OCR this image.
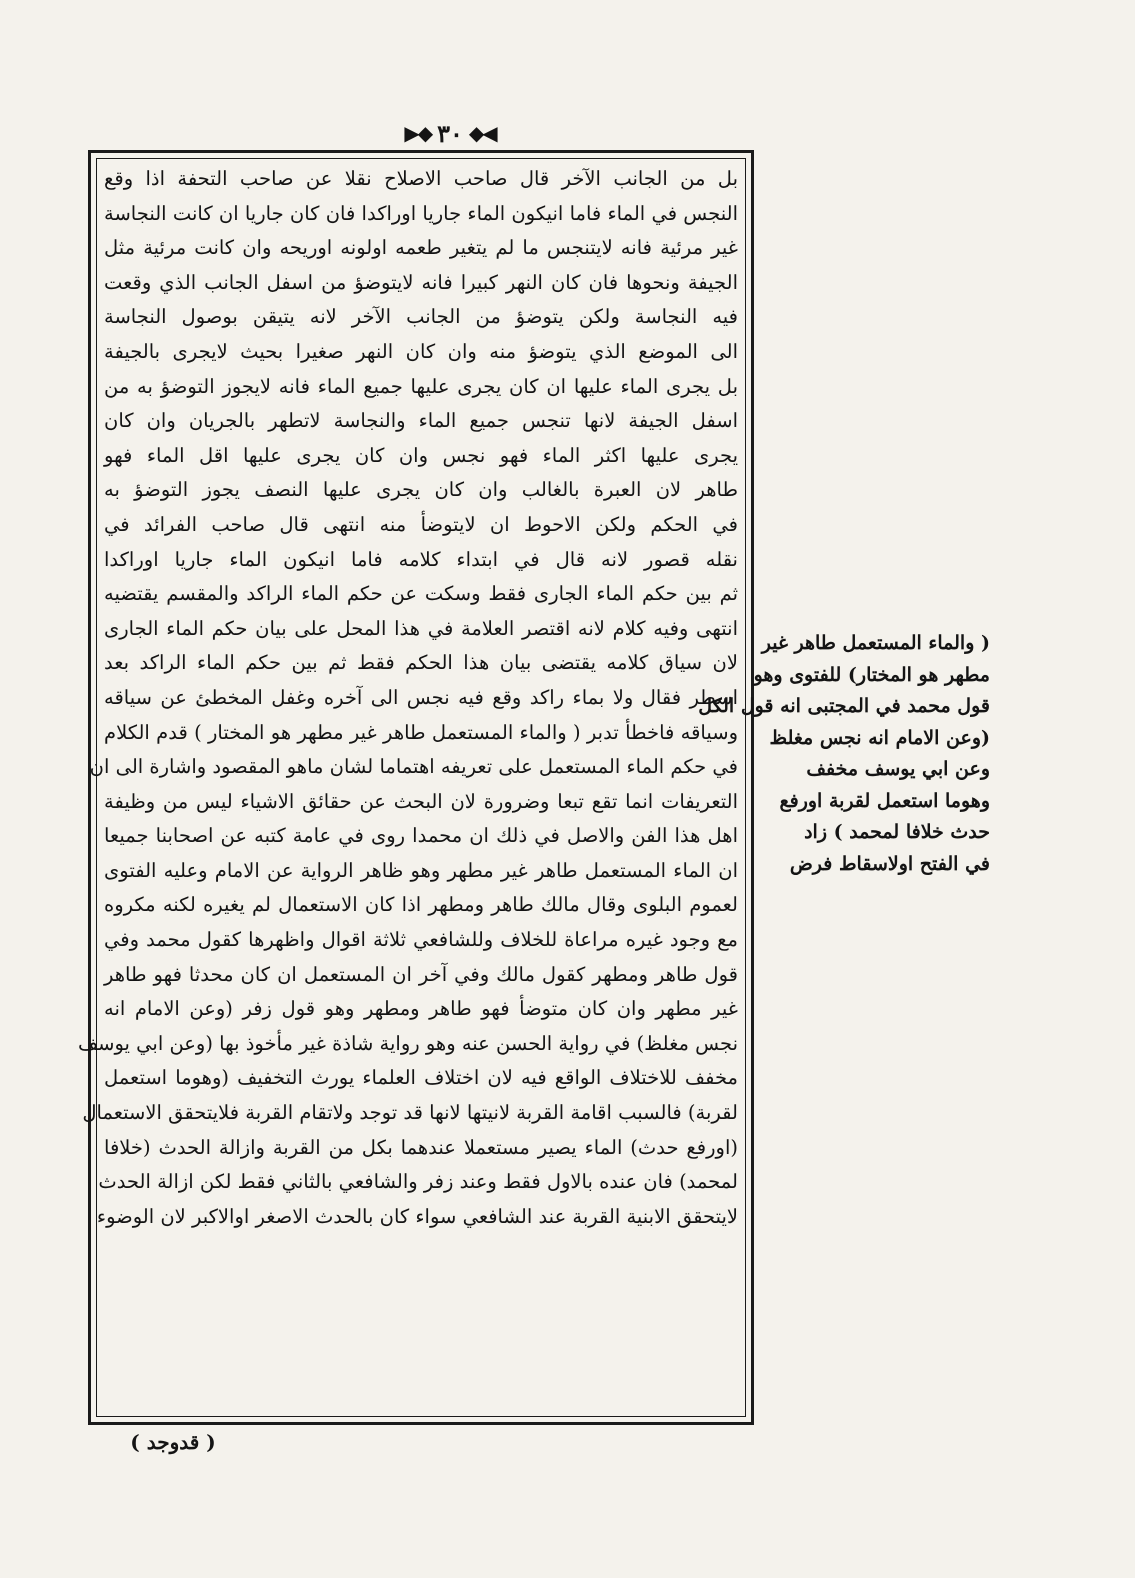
◀◆
٣٠
◆▶
بل من الجانب الآخر قال صاحب الاصلاح نقلا عن صاحب التحفة اذا وقع
النجس في الماء فاما انيكون الماء جاريا اوراكدا فان كان جاريا ان كانت النجاسة
غير مرئية فانه لايتنجس ما لم يتغير طعمه اولونه اوريحه وان كانت مرئية مثل
الجيفة ونحوها فان كان النهر كبيرا فانه لايتوضؤ من اسفل الجانب الذي وقعت
فيه النجاسة ولكن يتوضؤ من الجانب الآخر لانه يتيقن بوصول النجاسة
الى الموضع الذي يتوضؤ منه وان كان النهر صغيرا بحيث لايجرى بالجيفة
بل يجرى الماء عليها ان كان يجرى عليها جميع الماء فانه لايجوز التوضؤ به من
اسفل الجيفة لانها تنجس جميع الماء والنجاسة لاتطهر بالجريان وان كان
يجرى عليها اكثر الماء فهو نجس وان كان يجرى عليها اقل الماء فهو
طاهر لان العبرة بالغالب وان كان يجرى عليها النصف يجوز التوضؤ به
في الحكم ولكن الاحوط ان لايتوضأ منه انتهى قال صاحب الفرائد في
نقله قصور لانه قال في ابتداء كلامه فاما انيكون الماء جاريا اوراكدا
ثم بين حكم الماء الجارى فقط وسكت عن حكم الماء الراكد والمقسم يقتضيه
انتهى وفيه كلام لانه اقتصر العلامة في هذا المحل على بيان حكم الماء الجارى
لان سياق كلامه يقتضى بيان هذا الحكم فقط ثم بين حكم الماء الراكد بعد
اسطر فقال ولا بماء راكد وقع فيه نجس الى آخره وغفل المخطئ عن سياقه
وسياقه فاخطأ تدبر ( والماء المستعمل طاهر غير مطهر هو المختار ) قدم الكلام
في حكم الماء المستعمل على تعريفه اهتماما لشان ماهو المقصود واشارة الى ان
التعريفات انما تقع تبعا وضرورة لان البحث عن حقائق الاشياء ليس من وظيفة
اهل هذا الفن والاصل في ذلك ان محمدا روى في عامة كتبه عن اصحابنا جميعا
ان الماء المستعمل طاهر غير مطهر وهو ظاهر الرواية عن الامام وعليه الفتوى
لعموم البلوى وقال مالك طاهر ومطهر اذا كان الاستعمال لم يغيره لكنه مكروه
مع وجود غيره مراعاة للخلاف وللشافعي ثلاثة اقوال واظهرها كقول محمد وفي
قول طاهر ومطهر كقول مالك وفي آخر ان المستعمل ان كان محدثا فهو طاهر
غير مطهر وان كان متوضأ فهو طاهر ومطهر وهو قول زفر (وعن الامام انه
نجس مغلظ) في رواية الحسن عنه وهو رواية شاذة غير مأخوذ بها (وعن ابي يوسف
مخفف للاختلاف الواقع فيه لان اختلاف العلماء يورث التخفيف (وهوما استعمل
لقربة) فالسبب اقامة القربة لانيتها لانها قد توجد ولاتقام القربة فلايتحقق الاستعمال
(اورفع حدث) الماء يصير مستعملا عندهما بكل من القربة وازالة الحدث (خلافا
لمحمد) فان عنده بالاول فقط وعند زفر والشافعي بالثاني فقط لكن ازالة الحدث
لايتحقق الابنية القربة عند الشافعي سواء كان بالحدث الاصغر اوالاكبر لان الوضوء
( والماء المستعمل طاهر غير
مطهر هو المختار) للفتوى وهو
قول محمد في المجتبى انه قول الكل
(وعن الامام انه نجس مغلظ
وعن ابي يوسف مخفف
وهوما استعمل لقربة اورفع
حدث خلافا لمحمد ) زاد
في الفتح اولاسقاط فرض
( قدوجد )
